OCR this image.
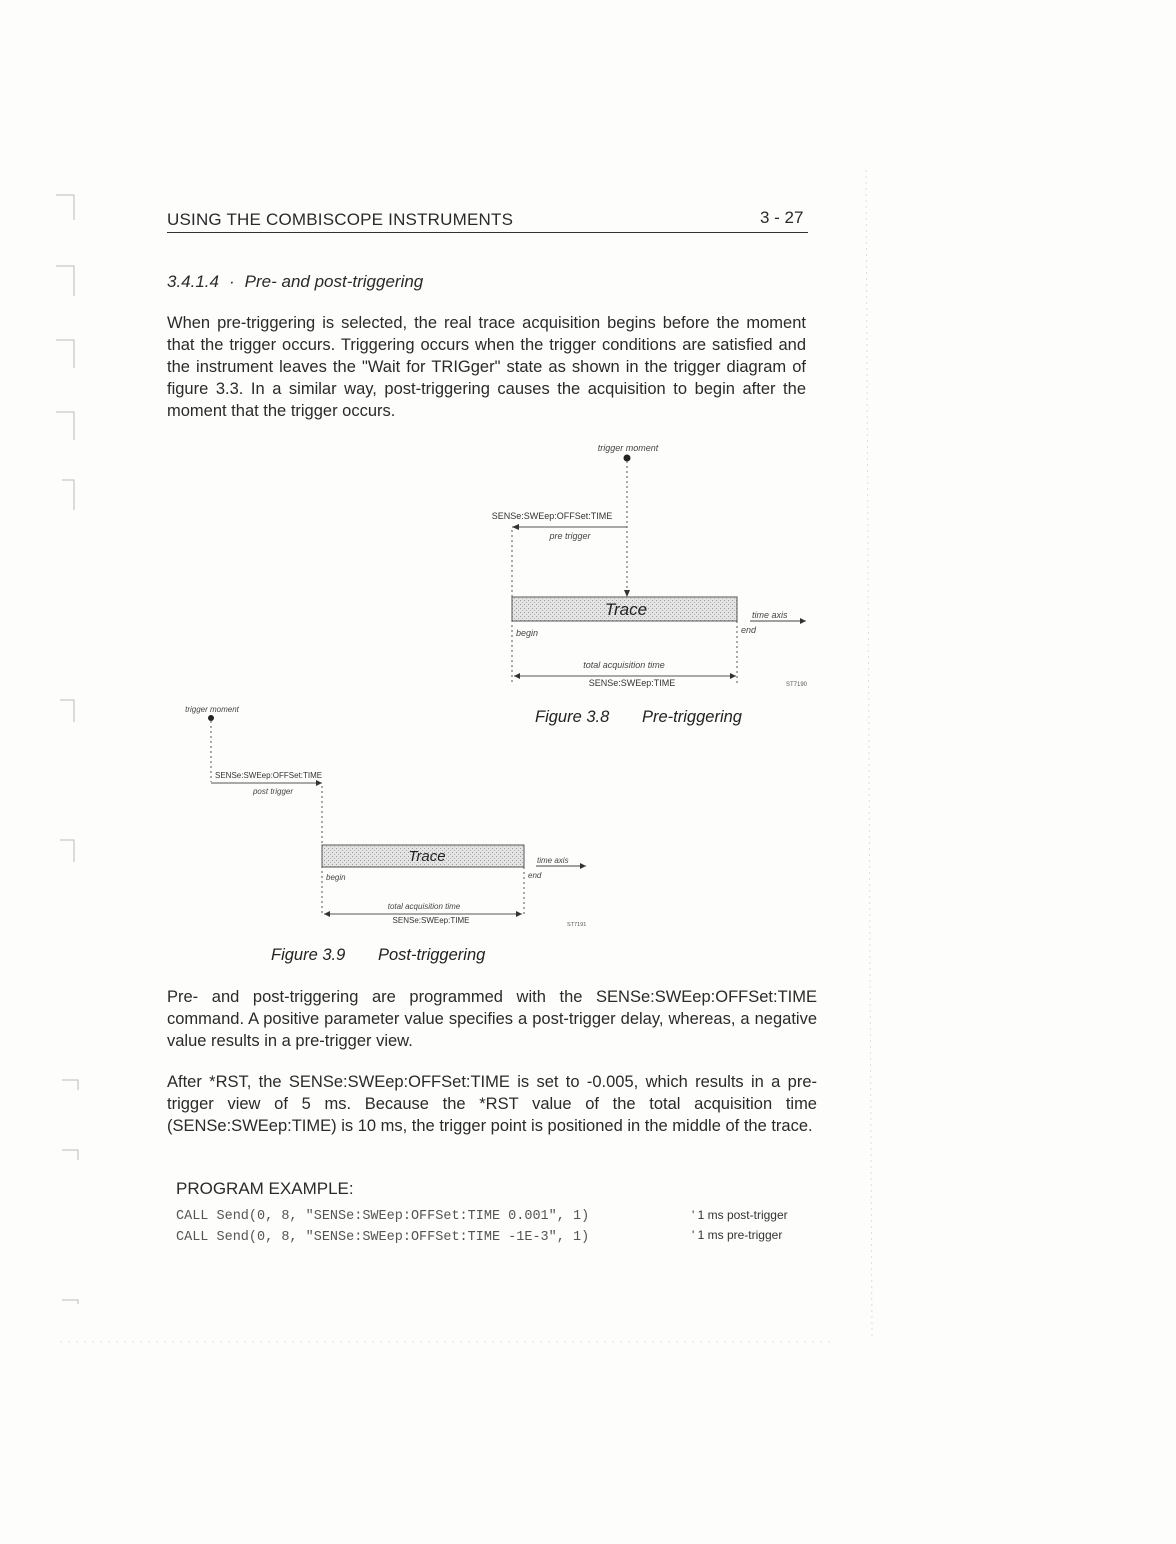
USING THE COMBISCOPE INSTRUMENTS	3 - 27
3.4.1.4 · Pre- and post-triggering
When pre-triggering is selected, the real trace acquisition begins before the moment that the trigger occurs. Triggering occurs when the trigger conditions are satisfied and the instrument leaves the "Wait for TRIGger" state as shown in the trigger diagram of figure 3.3. In a similar way, post-triggering causes the acquisition to begin after the moment that the trigger occurs.
trigger moment
SENSe:SWEep:OFFSet:TIME
pre trigger
Trace	time axis
begin	end
total acquisition time
SENSe:SWEep:TIME	ST7190
Figure 3.8 Pre-triggering
trigger moment
SENSe:SWEep:OFFSet:TIME
post trigger
Trace	time axis
begin	end
total acquisition time
SENSe:SWEep:TIME	ST7191
Figure 3.9 Post-triggering
Pre- and post-triggering are programmed with the SENSe:SWEep:OFFSet:TIME command. A positive parameter value specifies a post-trigger delay, whereas, a negative value results in a pre-trigger view.
After *RST, the SENSe:SWEep:OFFSet:TIME is set to -0.005, which results in a pre-trigger view of 5 ms. Because the *RST value of the total acquisition time (SENSe:SWEep:TIME) is 10 ms, the trigger point is positioned in the middle of the trace.
PROGRAM EXAMPLE:
CALL Send(0, 8, "SENSe:SWEep:OFFSet:TIME 0.001", 1)	' 1 ms post-trigger
CALL Send(0, 8, "SENSe:SWEep:OFFSet:TIME -1E-3", 1)	' 1 ms pre-trigger
